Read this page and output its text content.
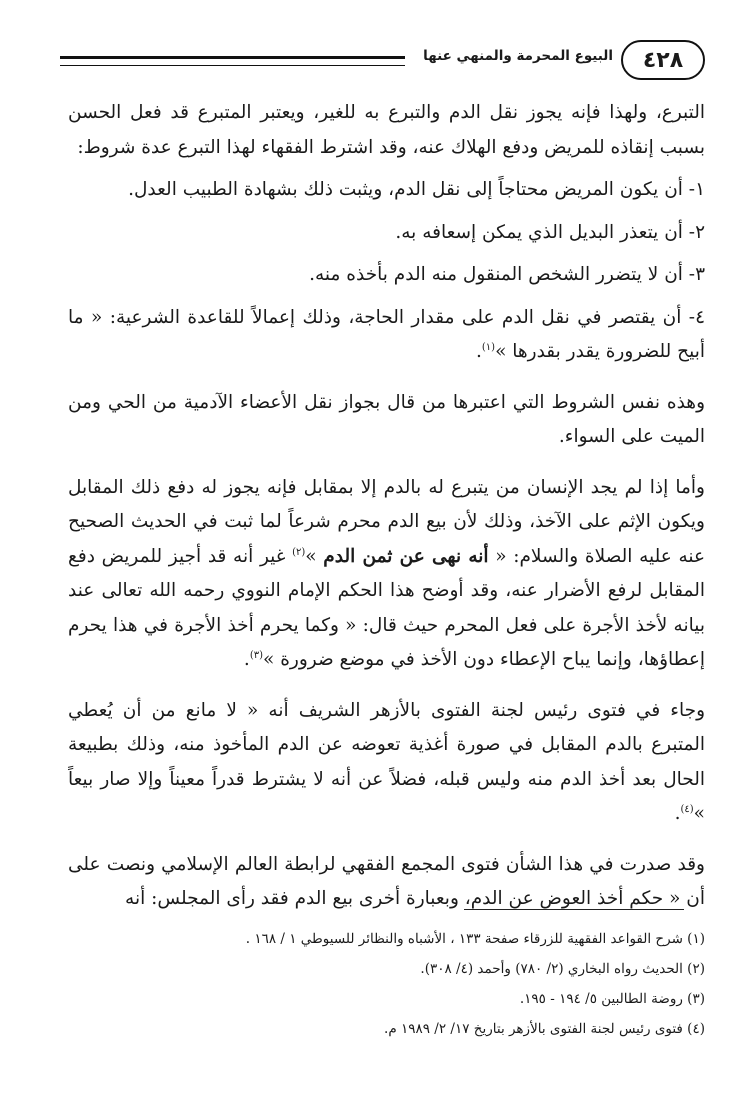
البيوع المحرمة والمنهي عنها	٤٢٨

التبرع، ولهذا فإنه يجوز نقل الدم والتبرع به للغير، ويعتبر المتبرع قد فعل الحسن بسبب إنقاذه للمريض ودفع الهلاك عنه، وقد اشترط الفقهاء لهذا التبرع عدة شروط:

١- أن يكون المريض محتاجاً إلى نقل الدم، ويثبت ذلك بشهادة الطبيب العدل.

٢- أن يتعذر البديل الذي يمكن إسعافه به.

٣- أن لا يتضرر الشخص المنقول منه الدم بأخذه منه.

٤- أن يقتصر في نقل الدم على مقدار الحاجة، وذلك إعمالاً للقاعدة الشرعية: « ما أبيح للضرورة يقدر بقدرها »$^{(١)}$.

وهذه نفس الشروط التي اعتبرها من قال بجواز نقل الأعضاء الآدمية من الحي ومن الميت على السواء.

وأما إذا لم يجد الإنسان من يتبرع له بالدم إلا بمقابل فإنه يجوز له دفع ذلك المقابل ويكون الإثم على الآخذ، وذلك لأن بيع الدم محرم شرعاً لما ثبت في الحديث الصحيح عنه عليه الصلاة والسلام: « أنه نهى عن ثمن الدم »$^{(٢)}$ غير أنه قد أجيز للمريض دفع المقابل لرفع الأضرار عنه، وقد أوضح هذا الحكم الإمام النووي رحمه الله تعالى عند بيانه لأخذ الأجرة على فعل المحرم حيث قال: « وكما يحرم أخذ الأجرة في هذا يحرم إعطاؤها، وإنما يباح الإعطاء دون الأخذ في موضع ضرورة »$^{(٣)}$.

وجاء في فتوى رئيس لجنة الفتوى بالأزهر الشريف أنه « لا مانع من أن يُعطي المتبرع بالدم المقابل في صورة أغذية تعوضه عن الدم المأخوذ منه، وذلك بطبيعة الحال بعد أخذ الدم منه وليس قبله، فضلاً عن أنه لا يشترط قدراً معيناً وإلا صار بيعاً »$^{(٤)}$.

وقد صدرت في هذا الشأن فتوى المجمع الفقهي لرابطة العالم الإسلامي ونصت على أن « حكم أخذ العوض عن الدم، وبعبارة أخرى بيع الدم فقد رأى المجلس: أنه

(١) شرح القواعد الفقهية للزرقاء صفحة ١٣٣ ، الأشباه والنظائر للسيوطي ١ / ١٦٨ .

(٢) الحديث رواه البخاري (٢/ ٧٨٠) وأحمد (٤/ ٣٠٨).

(٣) روضة الطالبين ٥/ ١٩٤ - ١٩٥.

(٤) فتوى رئيس لجنة الفتوى بالأزهر بتاريخ ١٧/ ٢/ ١٩٨٩ م.
